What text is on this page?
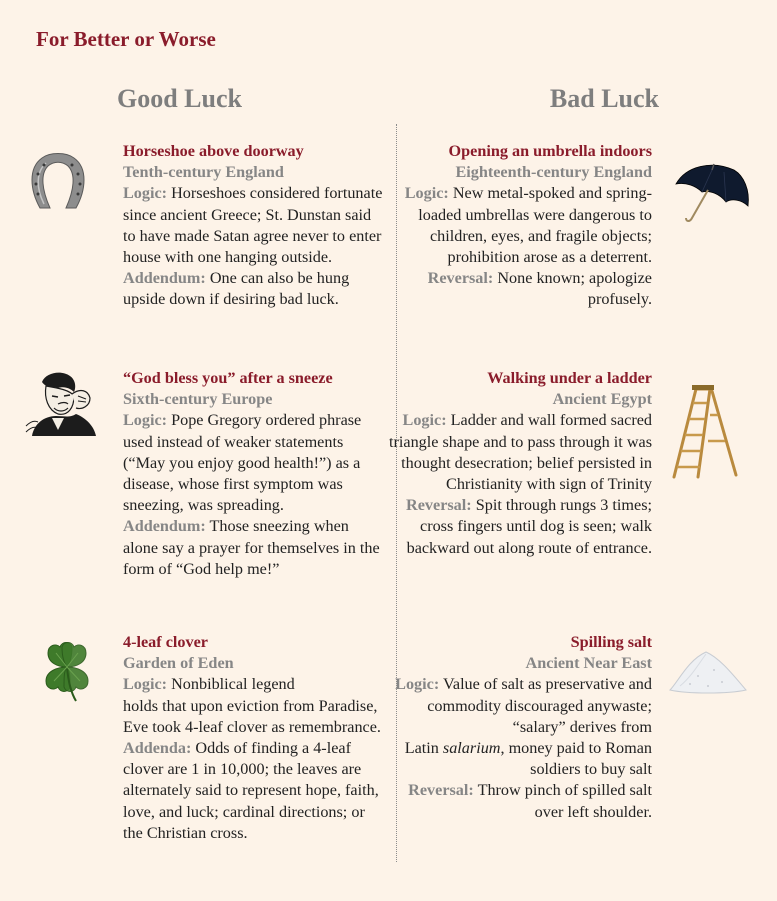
For Better or Worse
Good Luck	Bad Luck
Horseshoe above doorway
Tenth-century England

Logic: Horseshoes considered fortunate since ancient Greece; St. Dunstan said to have made Satan agree never to enter house with one hanging outside.

Addendum: One can also be hung upside down if desiring bad luck.

“God bless you” after a sneeze
Sixth-century Europe

Logic: Pope Gregory ordered phrase

used instead of weaker statements (“May you enjoy good health!”) as a disease, whose first symptom was sneezing, was spreading.

Addendum: Those sneezing when alone say a prayer for themselves in the form of “God help me!”

4-leaf clover
Garden of Eden

Logic: Nonbiblical legend

holds that upon eviction from Paradise, Eve took 4-leaf clover as remembrance.

Addenda: Odds of finding a 4-leaf clover are 1 in 10,000; the leaves are alternately said to represent hope, faith, love, and luck; cardinal directions; or the Christian cross.

Opening an umbrella indoors
Eighteenth-century England

Logic: New metal-spoked and spring-loaded umbrellas were dangerous to children, eyes, and fragile objects; prohibition arose as a deterrent.

Reversal: None known; apologize profusely.

Walking under a ladder
Ancient Egypt

Logic: Ladder and wall formed sacred triangle shape and to pass through it was thought desecration; belief persisted in Christianity with sign of Trinity

Reversal: Spit through rungs 3 times; cross fingers until dog is seen; walk backward out along route of entrance.

Spilling salt
Ancient Near East

Logic: Value of salt as preservative and commodity discouraged anywaste; “salary” derives from

Latin salarium, money paid to Roman soldiers to buy salt

Reversal: Throw pinch of spilled salt over left shoulder.
